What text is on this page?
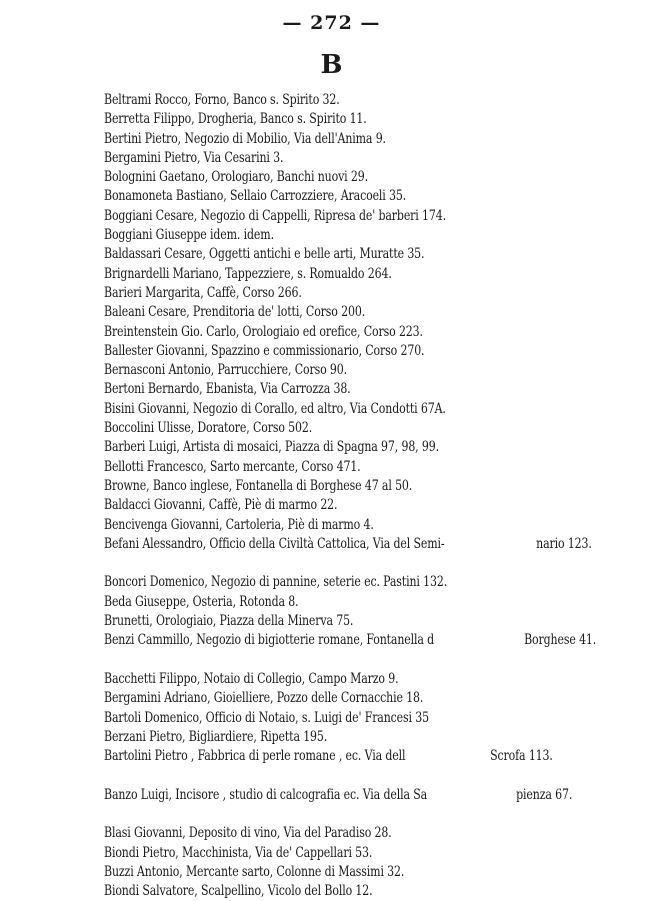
— 272 —
B
Beltrami Rocco, Forno, Banco s. Spirito 32.
Berretta Filippo, Drogheria, Banco s. Spirito 11.
Bertini Pietro, Negozio di Mobilio, Via dell'Anima 9.
Bergamini Pietro, Via Cesarini 3.
Bolognini Gaetano, Orologiaro, Banchi nuovi 29.
Bonamoneta Bastiano, Sellaio Carrozziere, Aracoeli 35.
Boggiani Cesare, Negozio di Cappelli, Ripresa de' barberi 174.
Boggiani Giuseppe idem. idem.
Baldassari Cesare, Oggetti antichi e belle arti, Muratte 35.
Brignardelli Mariano, Tappezziere, s. Romualdo 264.
Barieri Margarita, Caffè, Corso 266.
Baleani Cesare, Prenditoria de' lotti, Corso 200.
Breintenstein Gio. Carlo, Orologiaio ed orefice, Corso 223.
Ballester Giovanni, Spazzino e commissionario, Corso 270.
Bernasconi Antonio, Parrucchiere, Corso 90.
Bertoni Bernardo, Ebanista, Via Carrozza 38.
Bisini Giovanni, Negozio di Corallo, ed altro, Via Condotti 67A.
Boccolini Ulisse, Doratore, Corso 502.
Barberi Luigi, Artista di mosaici, Piazza di Spagna 97, 98, 99.
Bellotti Francesco, Sarto mercante, Corso 471.
Browne, Banco inglese, Fontanella di Borghese 47 al 50.
Baldacci Giovanni, Caffè, Piè di marmo 22.
Bencivenga Giovanni, Cartoleria, Piè di marmo 4.
Befani Alessandro, Officio della Civiltà Cattolica, Via del Semi-	nario 123.
Boncori Domenico, Negozio di pannine, seterie ec. Pastini 132.
Beda Giuseppe, Osteria, Rotonda 8.
Brunetti, Orologiaio, Piazza della Minerva 75.
Benzi Cammillo, Negozio di bigiotterie romane, Fontanella d	Borghese 41.
Bacchetti Filippo, Notaio di Collegio, Campo Marzo 9.
Bergamini Adriano, Gioielliere, Pozzo delle Cornacchie 18.
Bartoli Domenico, Officio di Notaio, s. Luigi de' Francesi 35
Berzani Pietro, Bigliardiere, Ripetta 195.
Bartolini Pietro , Fabbrica di perle romane , ec. Via dell	Scrofa 113.
Banzo Luigi, Incisore , studio di calcografia ec. Via della Sa	pienza 67.
Blasi Giovanni, Deposito di vino, Via del Paradiso 28.
Biondi Pietro, Macchinista, Via de' Cappellari 53.
Buzzi Antonio, Mercante sarto, Colonne di Massimi 32.
Biondi Salvatore, Scalpellino, Vicolo del Bollo 12.
